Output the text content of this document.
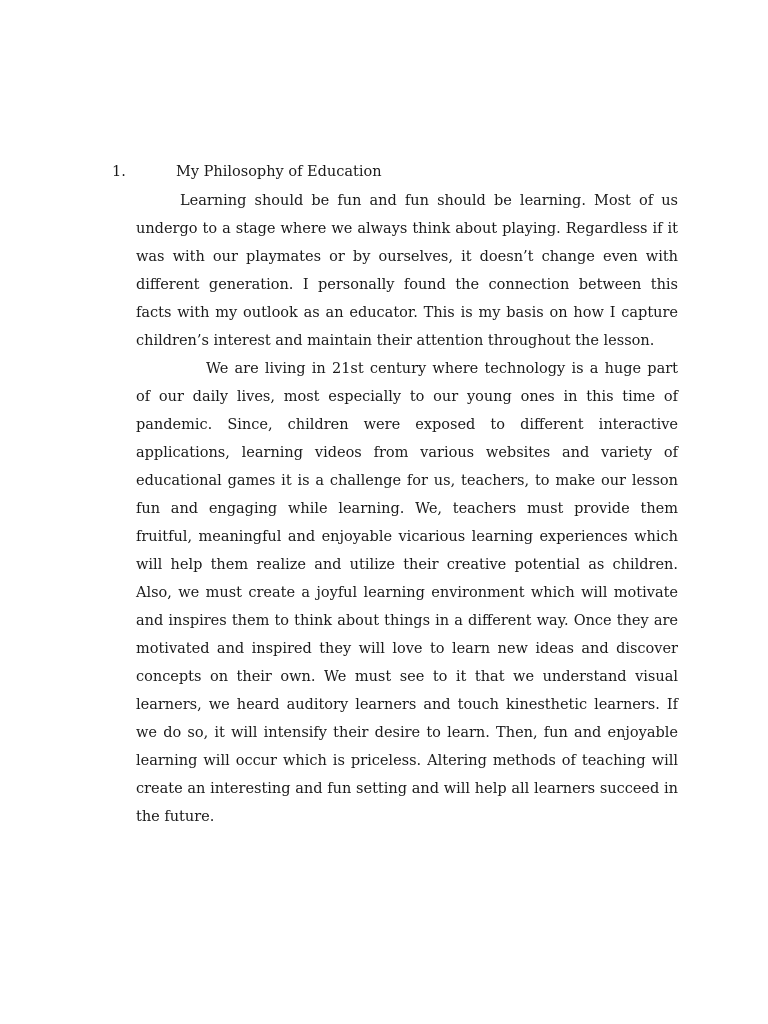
1.	My Philosophy of Education

Learning should be fun and fun should be learning. Most of us undergo to a stage where we always think about playing. Regardless if it was with our playmates or by ourselves, it doesn’t change even with different generation. I personally found the connection between this facts with my outlook as an educator. This is my basis on how I capture children’s interest and maintain their attention throughout the lesson.

We are living in 21st century where technology is a huge part of our daily lives, most especially to our young ones in this time of pandemic. Since, children were exposed to different interactive applications, learning videos from various websites and variety of educational games it is a challenge for us, teachers, to make our lesson fun and engaging while learning. We, teachers must provide them fruitful, meaningful and enjoyable vicarious learning experiences which will help them realize and utilize their creative potential as children. Also, we must create a joyful learning environment which will motivate and inspires them to think about things in a different way. Once they are motivated and inspired they will love to learn new ideas and discover concepts on their own. We must see to it that we understand visual learners, we heard auditory learners and touch kinesthetic learners. If we do so, it will intensify their desire to learn. Then, fun and enjoyable learning will occur which is priceless. Altering methods of teaching will create an interesting and fun setting and will help all learners succeed in the future.
